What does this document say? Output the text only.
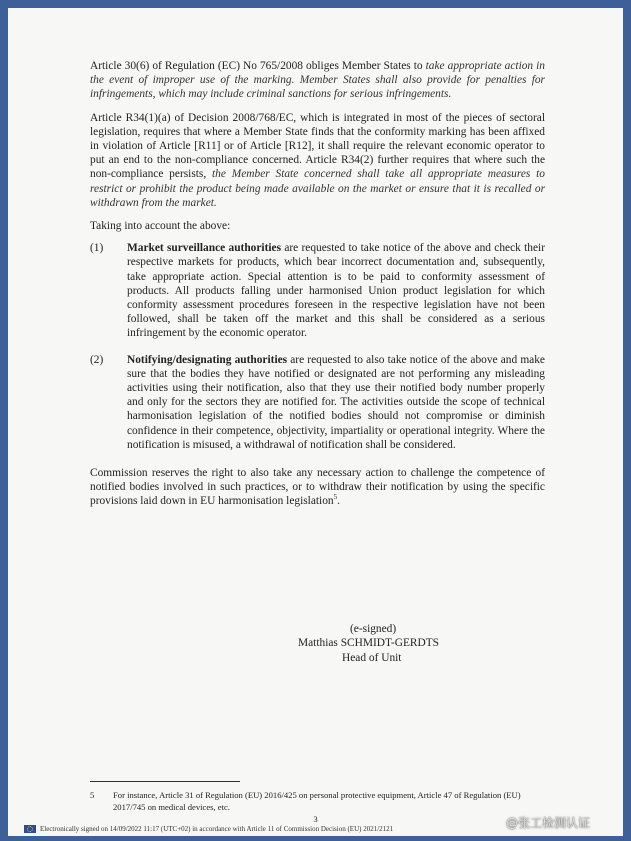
Article 30(6) of Regulation (EC) No 765/2008 obliges Member States to take appropriate action in the event of improper use of the marking. Member States shall also provide for penalties for infringements, which may include criminal sanctions for serious infringements.

Article R34(1)(a) of Decision 2008/768/EC, which is integrated in most of the pieces of sectoral legislation, requires that where a Member State finds that the conformity marking has been affixed in violation of Article [R11] or of Article [R12], it shall require the relevant economic operator to put an end to the non-compliance concerned. Article R34(2) further requires that where such the non-compliance persists, the Member State concerned shall take all appropriate measures to restrict or prohibit the product being made available on the market or ensure that it is recalled or withdrawn from the market.

Taking into account the above:

(1)	Market surveillance authorities are requested to take notice of the above and check their respective markets for products, which bear incorrect documentation and, subsequently, take appropriate action. Special attention is to be paid to conformity assessment of products. All products falling under harmonised Union product legislation for which conformity assessment procedures foreseen in the respective legislation have not been followed, shall be taken off the market and this shall be considered as a serious infringement by the economic operator.
(2)	Notifying/designating authorities are requested to also take notice of the above and make sure that the bodies they have notified or designated are not performing any misleading activities using their notification, also that they use their notified body number properly and only for the sectors they are notified for. The activities outside the scope of technical harmonisation legislation of the notified bodies should not compromise or diminish confidence in their competence, objectivity, impartiality or operational integrity. Where the notification is misused, a withdrawal of notification shall be considered.

Commission reserves the right to also take any necessary action to challenge the competence of notified bodies involved in such practices, or to withdraw their notification by using the specific provisions laid down in EU harmonisation legislation$^5$.

(e-signed)
Matthias SCHMIDT-GERDTS
Head of Unit
5	For instance, Article 31 of Regulation (EU) 2016/425 on personal protective equipment, Article 47 of Regulation (EU) 2017/745 on medical devices, etc.
3
Electronically signed on 14/09/2022 11:17 (UTC+02) in accordance with Article 11 of Commission Decision (EU) 2021/2121	@张工检测认证
